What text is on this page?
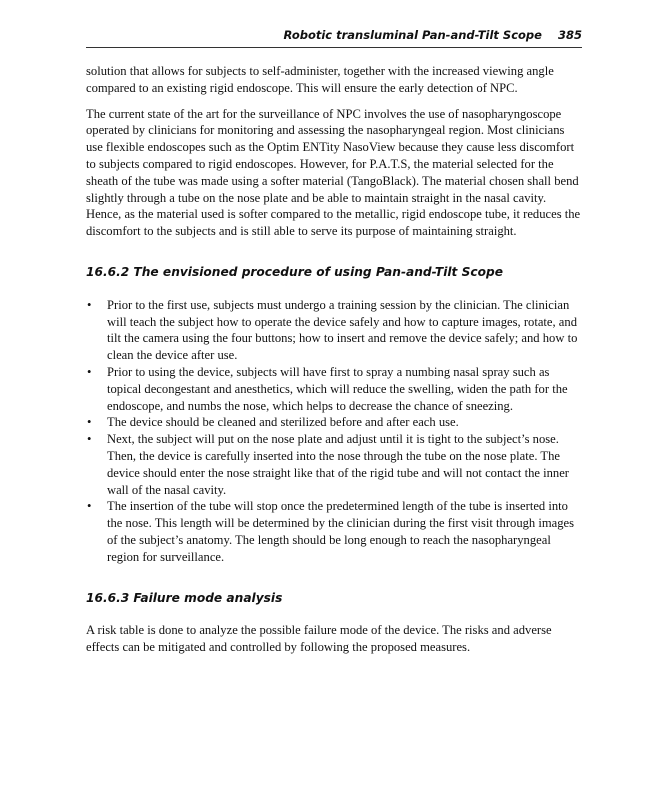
Robotic transluminal Pan-and-Tilt Scope 385

solution that allows for subjects to self-administer, together with the increased viewing angle compared to an existing rigid endoscope. This will ensure the early detection of NPC.

The current state of the art for the surveillance of NPC involves the use of nasopharyngoscope operated by clinicians for monitoring and assessing the nasopharyngeal region. Most clinicians use flexible endoscopes such as the Optim ENTity NasoView because they cause less discomfort to subjects compared to rigid endoscopes. However, for P.A.T.S, the material selected for the sheath of the tube was made using a softer material (TangoBlack). The material chosen shall bend slightly through a tube on the nose plate and be able to maintain straight in the nasal cavity. Hence, as the material used is softer compared to the metallic, rigid endoscope tube, it reduces the discomfort to the subjects and is still able to serve its purpose of maintaining straight.

16.6.2 The envisioned procedure of using Pan-and-Tilt Scope
• Prior to the first use, subjects must undergo a training session by the clinician. The clinician will teach the subject how to operate the device safely and how to capture images, rotate, and tilt the camera using the four buttons; how to insert and remove the device safely; and how to clean the device after use.
• Prior to using the device, subjects will have first to spray a numbing nasal spray such as topical decongestant and anesthetics, which will reduce the swelling, widen the path for the endoscope, and numbs the nose, which helps to decrease the chance of sneezing.
• The device should be cleaned and sterilized before and after each use.
• Next, the subject will put on the nose plate and adjust until it is tight to the subject’s nose. Then, the device is carefully inserted into the nose through the tube on the nose plate. The device should enter the nose straight like that of the rigid tube and will not contact the inner wall of the nasal cavity.
• The insertion of the tube will stop once the predetermined length of the tube is inserted into the nose. This length will be determined by the clinician during the first visit through images of the subject’s anatomy. The length should be long enough to reach the nasopharyngeal region for surveillance.
16.6.3 Failure mode analysis

A risk table is done to analyze the possible failure mode of the device. The risks and adverse effects can be mitigated and controlled by following the proposed measures.
